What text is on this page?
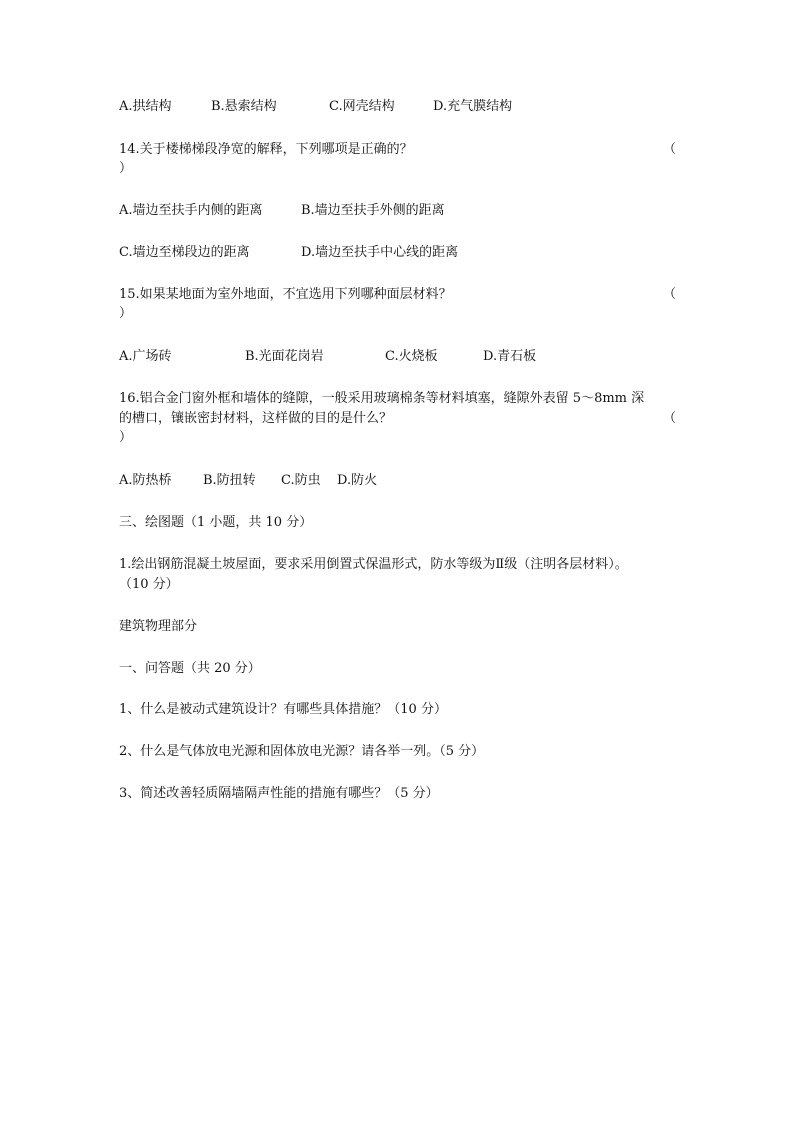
A.拱结构	B.悬索结构	C.网壳结构	D.充气膜结构
14.关于楼梯梯段净宽的解释，下列哪项是正确的？	（
）
A.墙边至扶手内侧的距离	B.墙边至扶手外侧的距离
C.墙边至梯段边的距离	D.墙边至扶手中心线的距离
15.如果某地面为室外地面，不宜选用下列哪种面层材料？	（
）
A.广场砖	B.光面花岗岩	C.火烧板	D.青石板
16.铝合金门窗外框和墙体的缝隙，一般采用玻璃棉条等材料填塞，缝隙外表留 5～8mm 深
的槽口，镶嵌密封材料，这样做的目的是什么？	（
）
A.防热桥 B.防扭转 C.防虫 D.防火
三、绘图题（1 小题，共 10 分）
1.绘出钢筋混凝土坡屋面，要求采用倒置式保温形式，防水等级为Ⅱ级（注明各层材料）。
（10 分）
建筑物理部分
一、问答题（共 20 分）
1、什么是被动式建筑设计？有哪些具体措施？（10 分）
2、什么是气体放电光源和固体放电光源？请各举一列。（5 分）
3、简述改善轻质隔墙隔声性能的措施有哪些？（5 分）
